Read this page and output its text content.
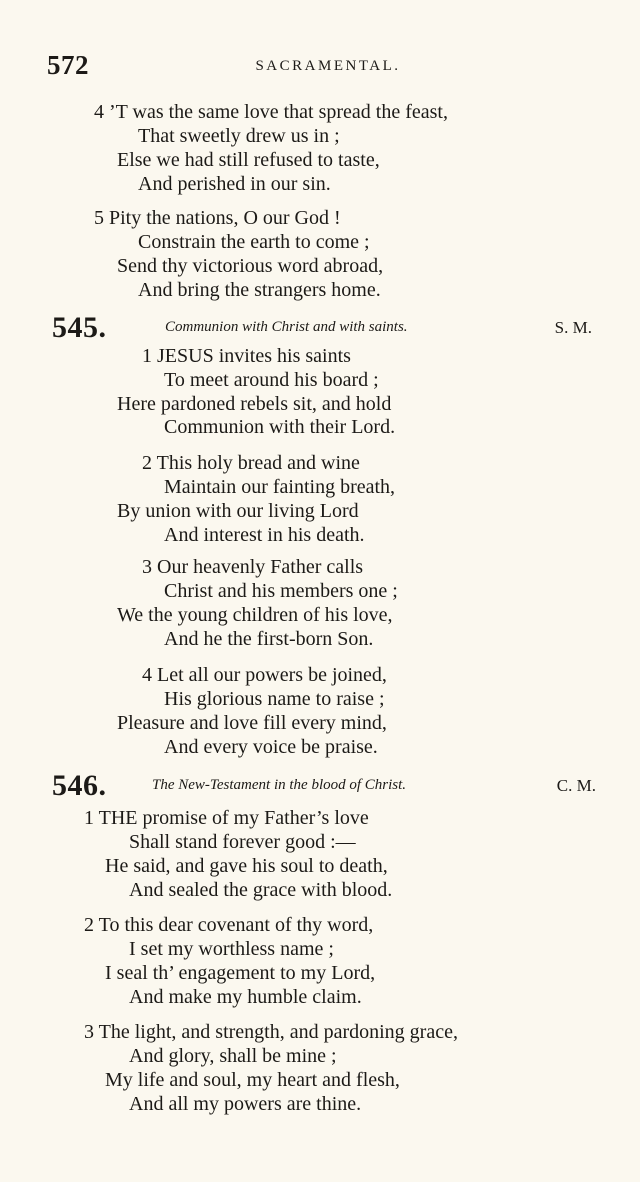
572	SACRAMENTAL.
4 ’T was the same love that spread the feast,
That sweetly drew us in ;
Else we had still refused to taste,
And perished in our sin.
5 Pity the nations, O our God !
Constrain the earth to come ;
Send thy victorious word abroad,
And bring the strangers home.
545.	Communion with Christ and with saints.	S. M.
1 JESUS invites his saints
To meet around his board ;
Here pardoned rebels sit, and hold
Communion with their Lord.
2 This holy bread and wine
Maintain our fainting breath,
By union with our living Lord
And interest in his death.
3 Our heavenly Father calls
Christ and his members one ;
We the young children of his love,
And he the first-born Son.
4 Let all our powers be joined,
His glorious name to raise ;
Pleasure and love fill every mind,
And every voice be praise.
546.	The New-Testament in the blood of Christ.	C. M.
1 THE promise of my Father’s love
Shall stand forever good :—
He said, and gave his soul to death,
And sealed the grace with blood.
2 To this dear covenant of thy word,
I set my worthless name ;
I seal th’ engagement to my Lord,
And make my humble claim.
3 The light, and strength, and pardoning grace,
And glory, shall be mine ;
My life and soul, my heart and flesh,
And all my powers are thine.
